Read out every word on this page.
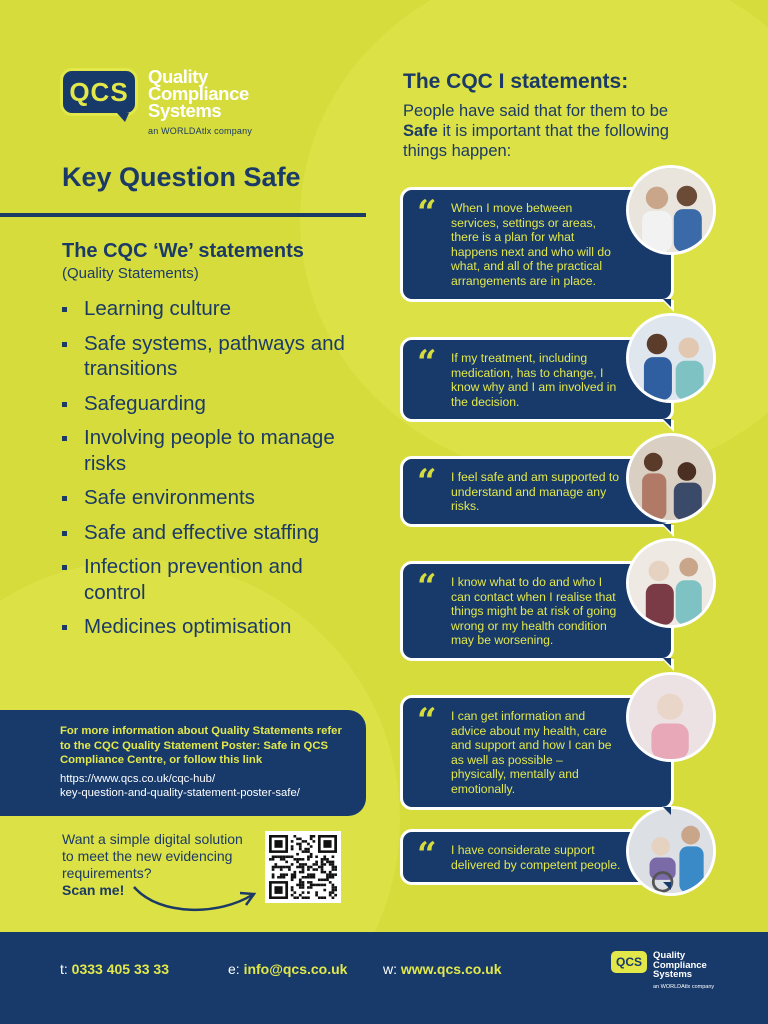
QCS	Quality
Compliance
Systems
an WORLDAtlx company
Key Question Safe
The CQC ‘We’ statements
(Quality Statements)
Learning culture
Safe systems, pathways and transitions
Safeguarding
Involving people to manage risks
Safe environments
Safe and effective staffing
Infection prevention and control
Medicines optimisation
For more information about Quality Statements refer to the CQC Quality Statement Poster: Safe in QCS Compliance Centre, or follow this link
https://www.qcs.co.uk/cqc-hub/
key-question-and-quality-statement-poster-safe/
Want a simple digital solution to meet the new evidencing requirements?
Scan me!
The CQC I statements:

People have said that for them to be Safe it is important that the following things happen:

“ When I move between services, settings or areas, there is a plan for what happens next and who will do what, and all of the practical arrangements are in place.
“ If my treatment, including medication, has to change, I know why and I am involved in the decision.
“ I feel safe and am supported to understand and manage any risks.
“ I know what to do and who I can contact when I realise that things might be at risk of going wrong or my health condition may be worsening.
“ I can get information and advice about my health, care and support and how I can be as well as possible – physically, mentally and emotionally.
“ I have considerate support delivered by competent people.
t: 0333 405 33 33	e: info@qcs.co.uk	w: www.qcs.co.uk	QCS	Quality
Compliance
Systems
an WORLDAtlx company
